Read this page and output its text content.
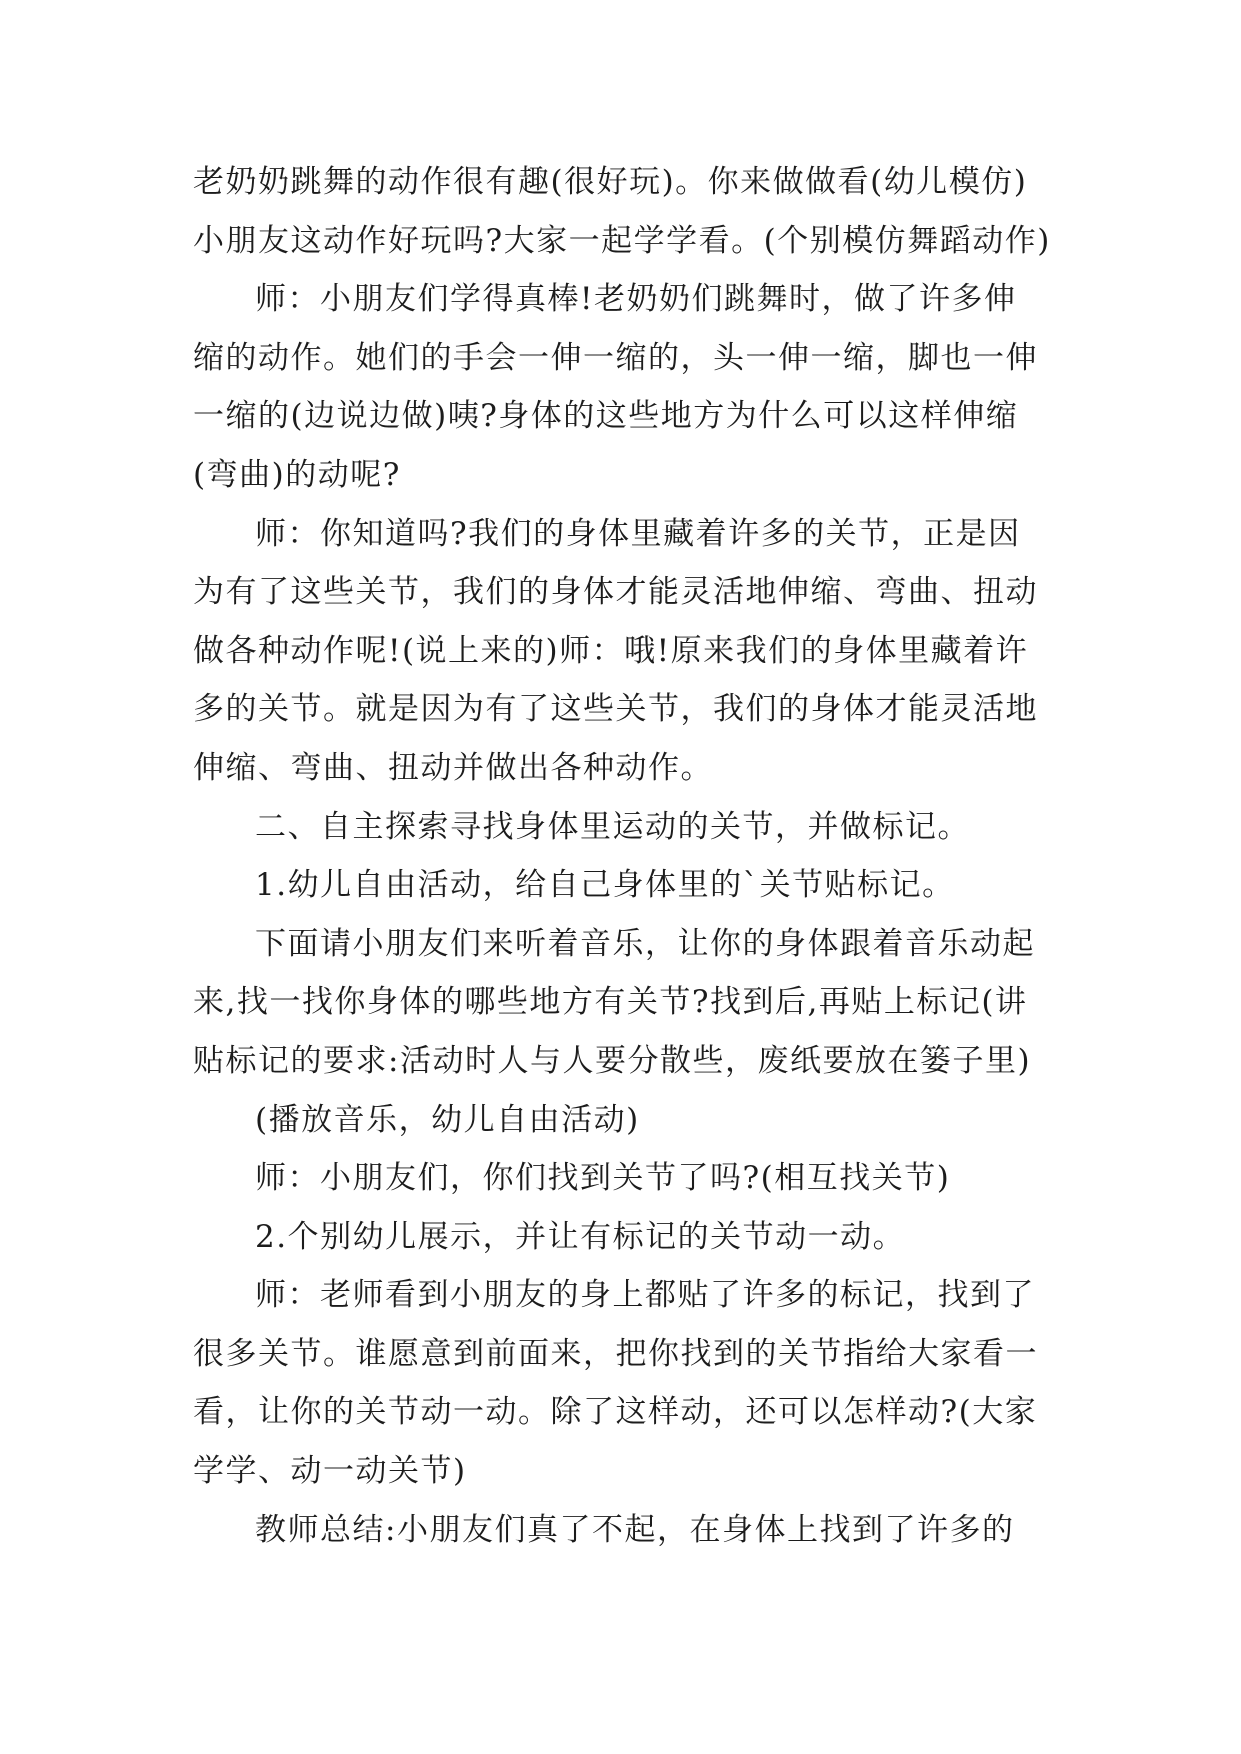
老奶奶跳舞的动作很有趣(很好玩)。你来做做看(幼儿模仿)
小朋友这动作好玩吗?大家一起学学看。(个别模仿舞蹈动作)
师：小朋友们学得真棒!老奶奶们跳舞时，做了许多伸
缩的动作。她们的手会一伸一缩的，头一伸一缩，脚也一伸
一缩的(边说边做)咦?身体的这些地方为什么可以这样伸缩
(弯曲)的动呢?
师：你知道吗?我们的身体里藏着许多的关节，正是因
为有了这些关节，我们的身体才能灵活地伸缩、弯曲、扭动
做各种动作呢!(说上来的)师：哦!原来我们的身体里藏着许
多的关节。就是因为有了这些关节，我们的身体才能灵活地
伸缩、弯曲、扭动并做出各种动作。
二、自主探索寻找身体里运动的关节，并做标记。
1.幼儿自由活动，给自己身体里的`关节贴标记。
下面请小朋友们来听着音乐，让你的身体跟着音乐动起
来,找一找你身体的哪些地方有关节?找到后,再贴上标记(讲
贴标记的要求:活动时人与人要分散些，废纸要放在篓子里)
(播放音乐，幼儿自由活动)
师：小朋友们，你们找到关节了吗?(相互找关节)
2.个别幼儿展示，并让有标记的关节动一动。
师：老师看到小朋友的身上都贴了许多的标记，找到了
很多关节。谁愿意到前面来，把你找到的关节指给大家看一
看，让你的关节动一动。除了这样动，还可以怎样动?(大家
学学、动一动关节)
教师总结:小朋友们真了不起，在身体上找到了许多的
